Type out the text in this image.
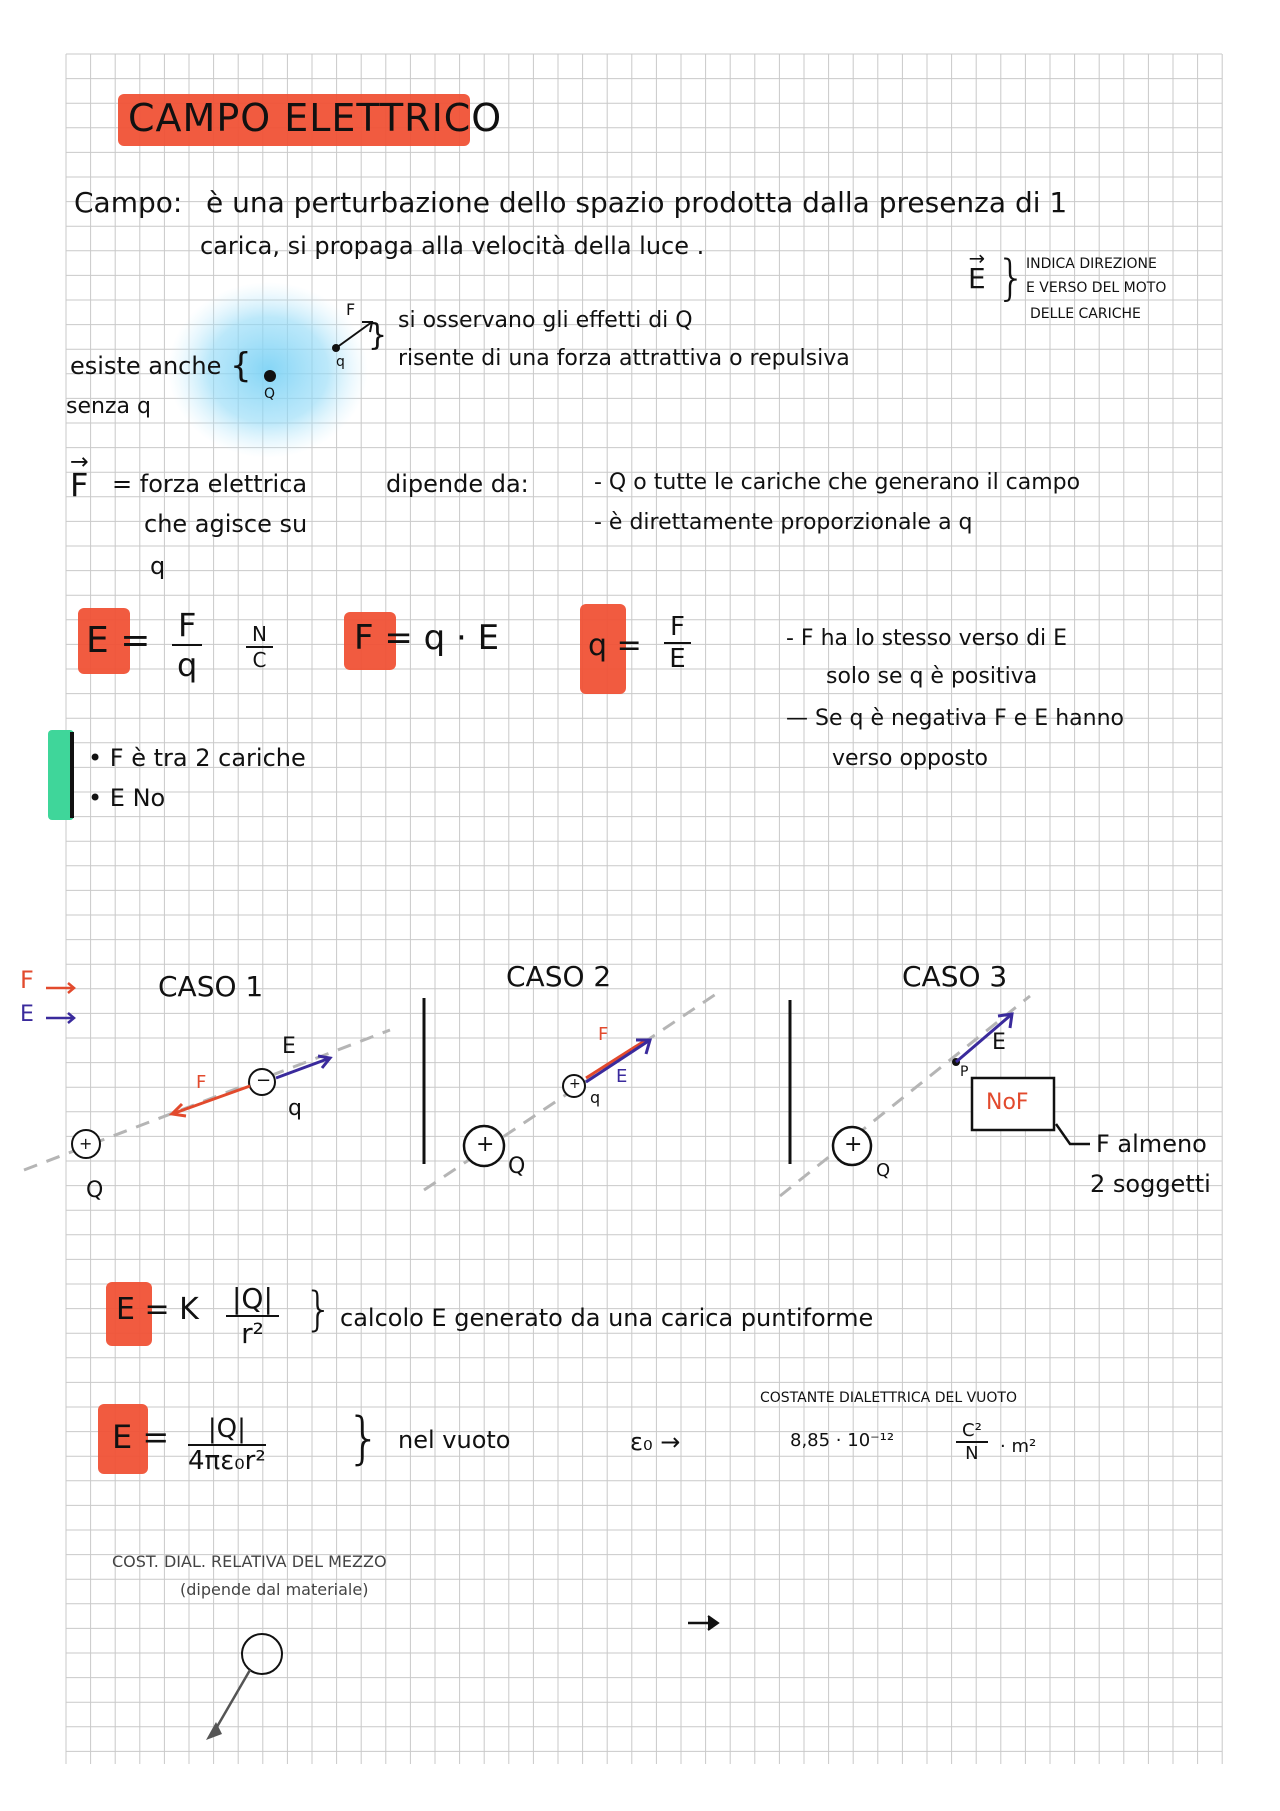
CAMPO ELETTRICO
Campo: è una perturbazione dello spazio prodotta dalla presenza di 1
carica, si propaga alla velocità della luce .
→ E } INDICA DIREZIONE
E VERSO DEL MOTO
DELLE CARICHE
Q
q
F
esiste anche {
senza q
} si osservano gli effetti di Q
risente di una forza attrattiva o repulsiva
→ F = forza elettrica
che agisce su
q
dipende da:	- Q o tutte le cariche che generano il campo
- è direttamente proporzionale a q
$E = \frac{F}{q} \frac{N}{C}$ F = q · E	$q = \frac{F}{E}$	- F ha lo stesso verso di E
solo se q è positiva
— Se q è negativa F e E hanno
verso opposto
• F è tra 2 cariche
• E No
F
E
CASO 1
+
Q
−
q
F
E
CASO 2
+
Q
+
q
F
E
CASO 3
+
Q
P
E
NoF
F almeno
2 soggetti
E = K $\frac{|Q|}{\text{r²}}$ } calcolo E generato da una carica puntiforme
$E = \frac{|Q|}{\text{4πε₀r²}}$ } nel vuoto	ε₀ →
COSTANTE DIALETTRICA DEL VUOTO
8,85 · 10⁻¹²	$\frac{\text{C²}}{N} \cdot m^2$
COST. DIAL. RELATIVA DEL MEZZO
(dipende dal materiale)
